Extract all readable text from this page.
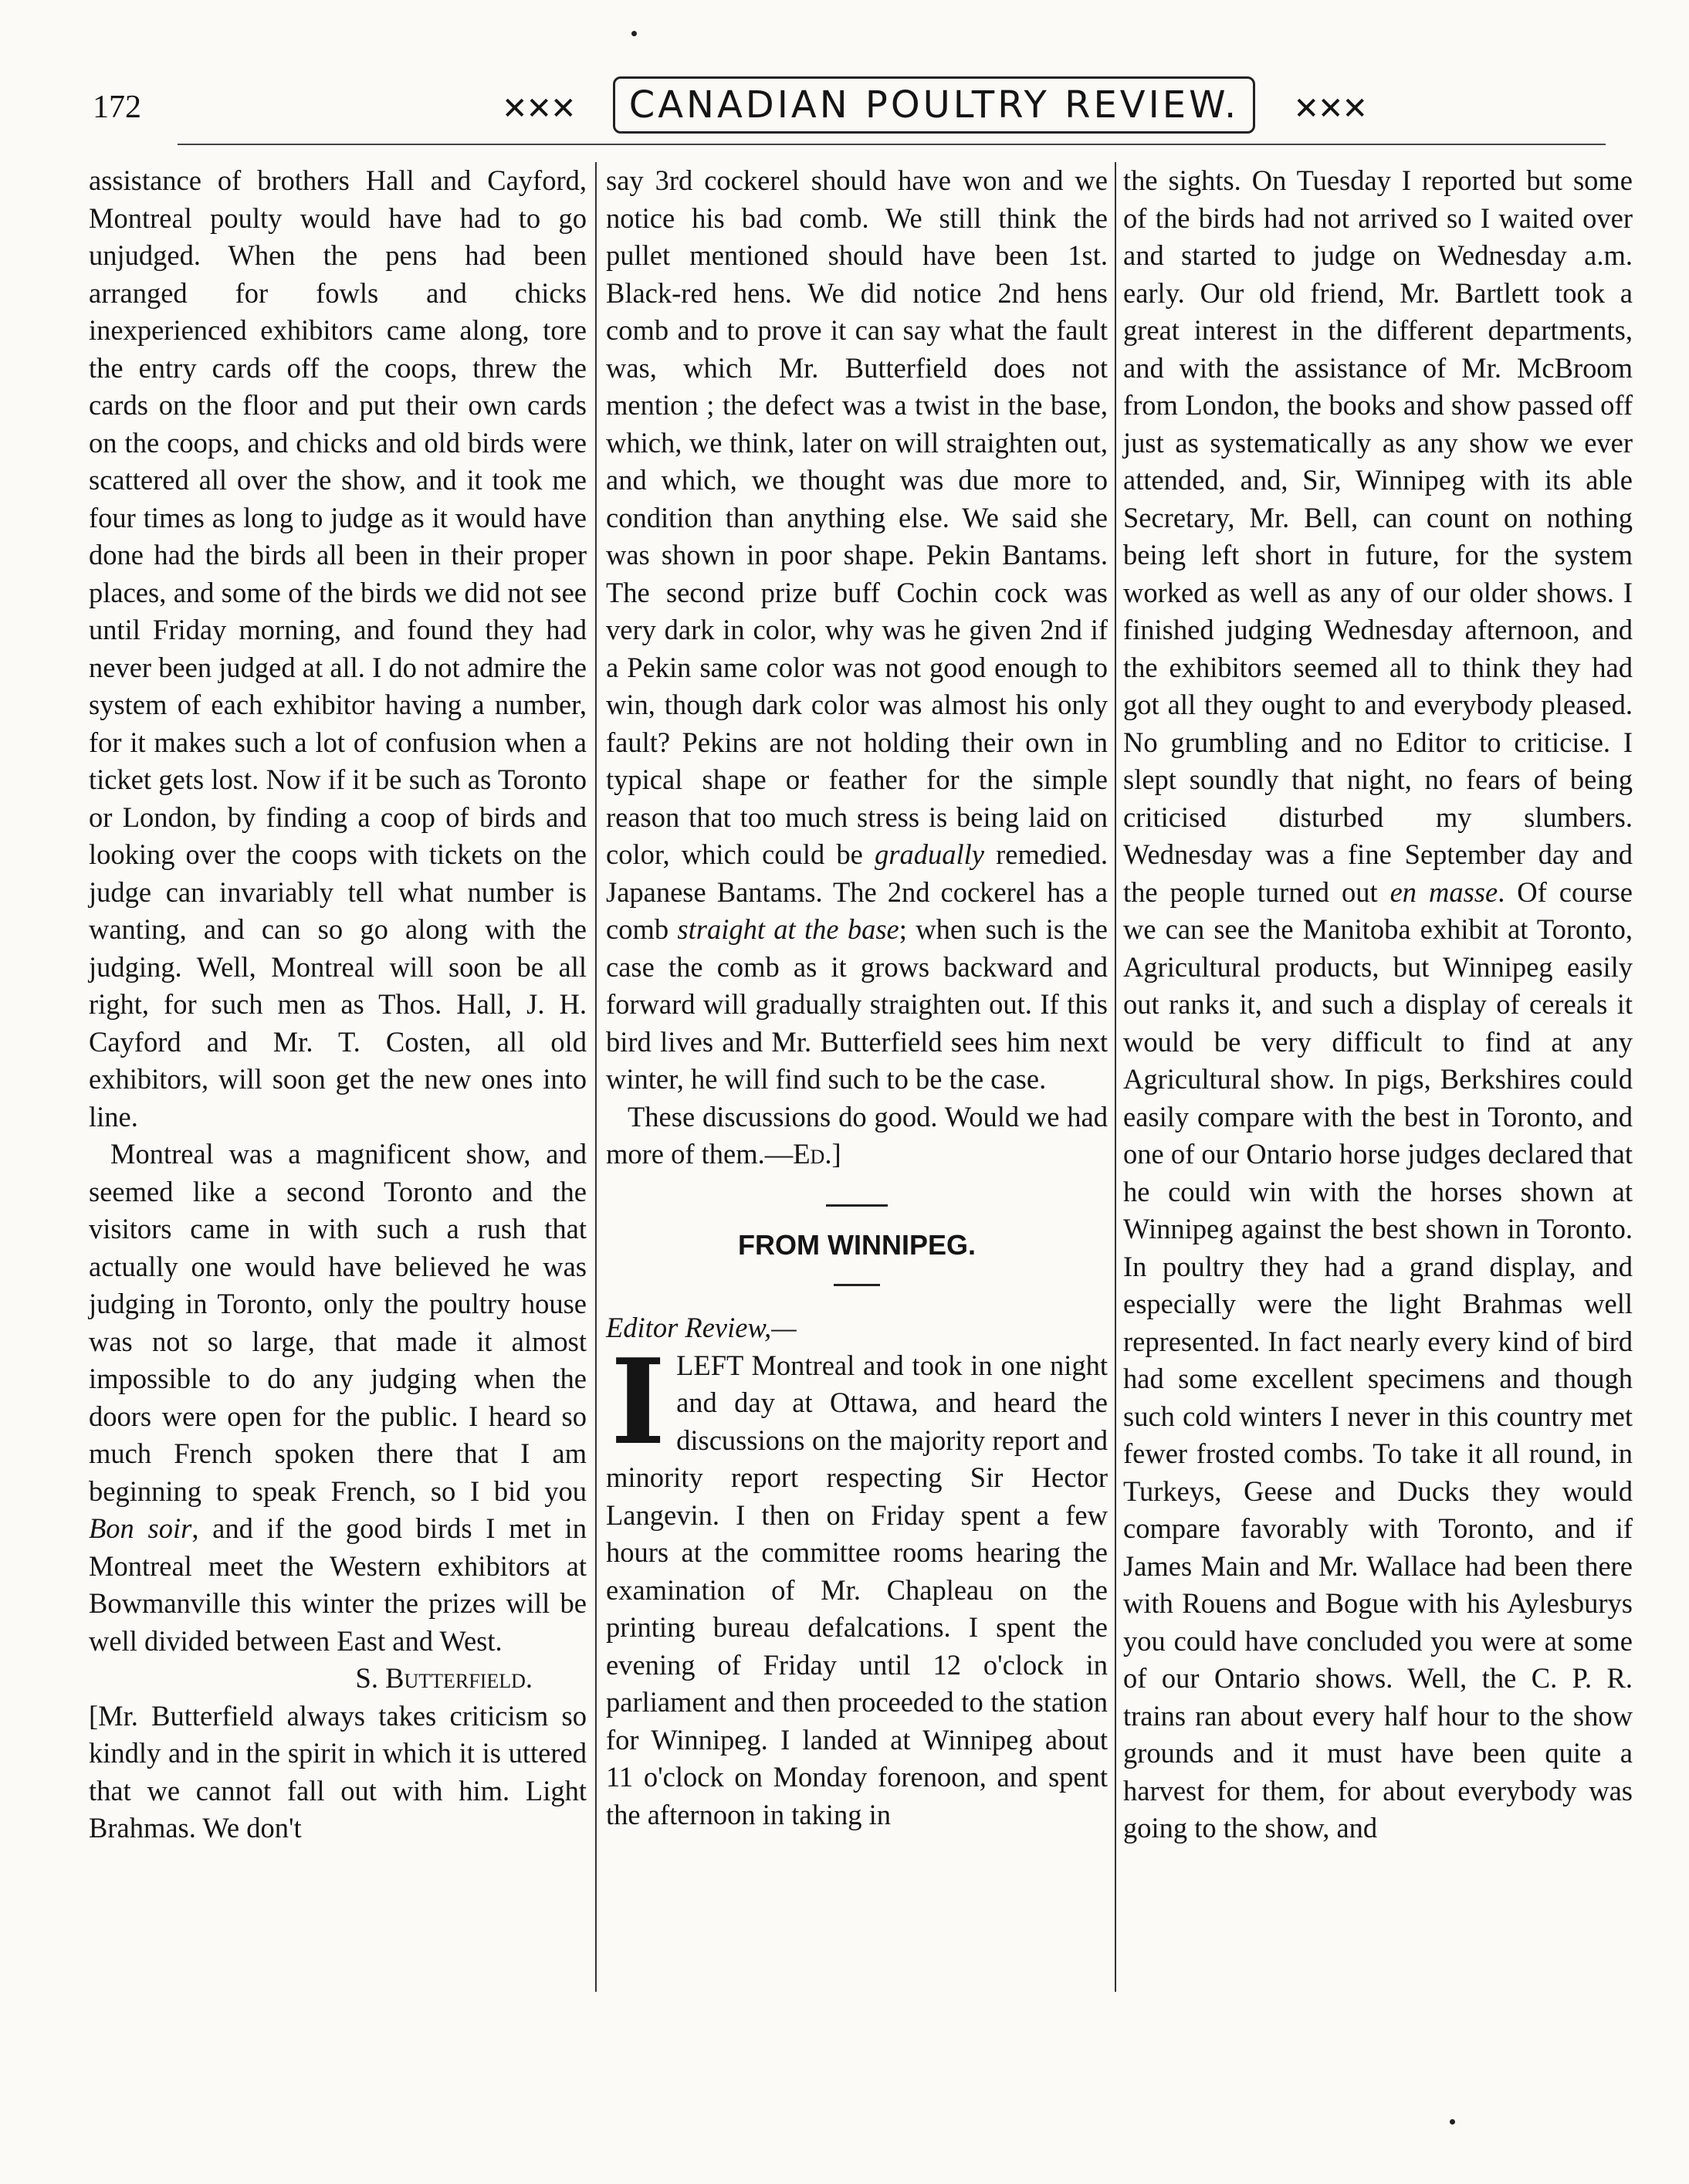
172	✕✕✕ CANADIAN POULTRY REVIEW. ✕✕✕

assistance of brothers Hall and Cayford, Montreal poulty would have had to go unjudged. When the pens had been arranged for fowls and chicks inexperienced exhibitors came along, tore the entry cards off the coops, threw the cards on the floor and put their own cards on the coops, and chicks and old birds were scattered all over the show, and it took me four times as long to judge as it would have done had the birds all been in their proper places, and some of the birds we did not see until Friday morning, and found they had never been judged at all. I do not admire the system of each exhibitor having a number, for it makes such a lot of confusion when a ticket gets lost. Now if it be such as Toronto or London, by finding a coop of birds and looking over the coops with tickets on the judge can invariably tell what number is wanting, and can so go along with the judging. Well, Montreal will soon be all right, for such men as Thos. Hall, J. H. Cayford and Mr. T. Costen, all old exhibitors, will soon get the new ones into line.

Montreal was a magnificent show, and seemed like a second Toronto and the visitors came in with such a rush that actually one would have believed he was judging in Toronto, only the poultry house was not so large, that made it almost impossible to do any judging when the doors were open for the public. I heard so much French spoken there that I am beginning to speak French, so I bid you Bon soir, and if the good birds I met in Montreal meet the Western exhibitors at Bowmanville this winter the prizes will be well divided between East and West.

S. Butterfield.

[Mr. Butterfield always takes criticism so kindly and in the spirit in which it is uttered that we cannot fall out with him. Light Brahmas. We don't

say 3rd cockerel should have won and we notice his bad comb. We still think the pullet mentioned should have been 1st. Black-red hens. We did notice 2nd hens comb and to prove it can say what the fault was, which Mr. Butterfield does not mention ; the defect was a twist in the base, which, we think, later on will straighten out, and which, we thought was due more to condition than anything else. We said she was shown in poor shape. Pekin Bantams. The second prize buff Cochin cock was very dark in color, why was he given 2nd if a Pekin same color was not good enough to win, though dark color was almost his only fault? Pekins are not holding their own in typical shape or feather for the simple reason that too much stress is being laid on color, which could be gradually remedied. Japanese Bantams. The 2nd cockerel has a comb straight at the base; when such is the case the comb as it grows backward and forward will gradually straighten out. If this bird lives and Mr. Butterfield sees him next winter, he will find such to be the case.

These discussions do good. Would we had more of them.—Ed.]

FROM WINNIPEG.

Editor Review,—

ILEFT Montreal and took in one night and day at Ottawa, and heard the discussions on the majority report and minority report respecting Sir Hector Langevin. I then on Friday spent a few hours at the committee rooms hearing the examination of Mr. Chapleau on the printing bureau defalcations. I spent the evening of Friday until 12 o'clock in parliament and then proceeded to the station for Winnipeg. I landed at Winnipeg about 11 o'clock on Monday forenoon, and spent the afternoon in taking in

the sights. On Tuesday I reported but some of the birds had not arrived so I waited over and started to judge on Wednesday a.m. early. Our old friend, Mr. Bartlett took a great interest in the different departments, and with the assistance of Mr. McBroom from London, the books and show passed off just as systematically as any show we ever attended, and, Sir, Winnipeg with its able Secretary, Mr. Bell, can count on nothing being left short in future, for the system worked as well as any of our older shows. I finished judging Wednesday afternoon, and the exhibitors seemed all to think they had got all they ought to and everybody pleased. No grumbling and no Editor to criticise. I slept soundly that night, no fears of being criticised disturbed my slumbers. Wednesday was a fine September day and the people turned out en masse. Of course we can see the Manitoba exhibit at Toronto, Agricultural products, but Winnipeg easily out ranks it, and such a display of cereals it would be very difficult to find at any Agricultural show. In pigs, Berkshires could easily compare with the best in Toronto, and one of our Ontario horse judges declared that he could win with the horses shown at Winnipeg against the best shown in Toronto. In poultry they had a grand display, and especially were the light Brahmas well represented. In fact nearly every kind of bird had some excellent specimens and though such cold winters I never in this country met fewer frosted combs. To take it all round, in Turkeys, Geese and Ducks they would compare favorably with Toronto, and if James Main and Mr. Wallace had been there with Rouens and Bogue with his Aylesburys you could have concluded you were at some of our Ontario shows. Well, the C. P. R. trains ran about every half hour to the show grounds and it must have been quite a harvest for them, for about everybody was going to the show, and
